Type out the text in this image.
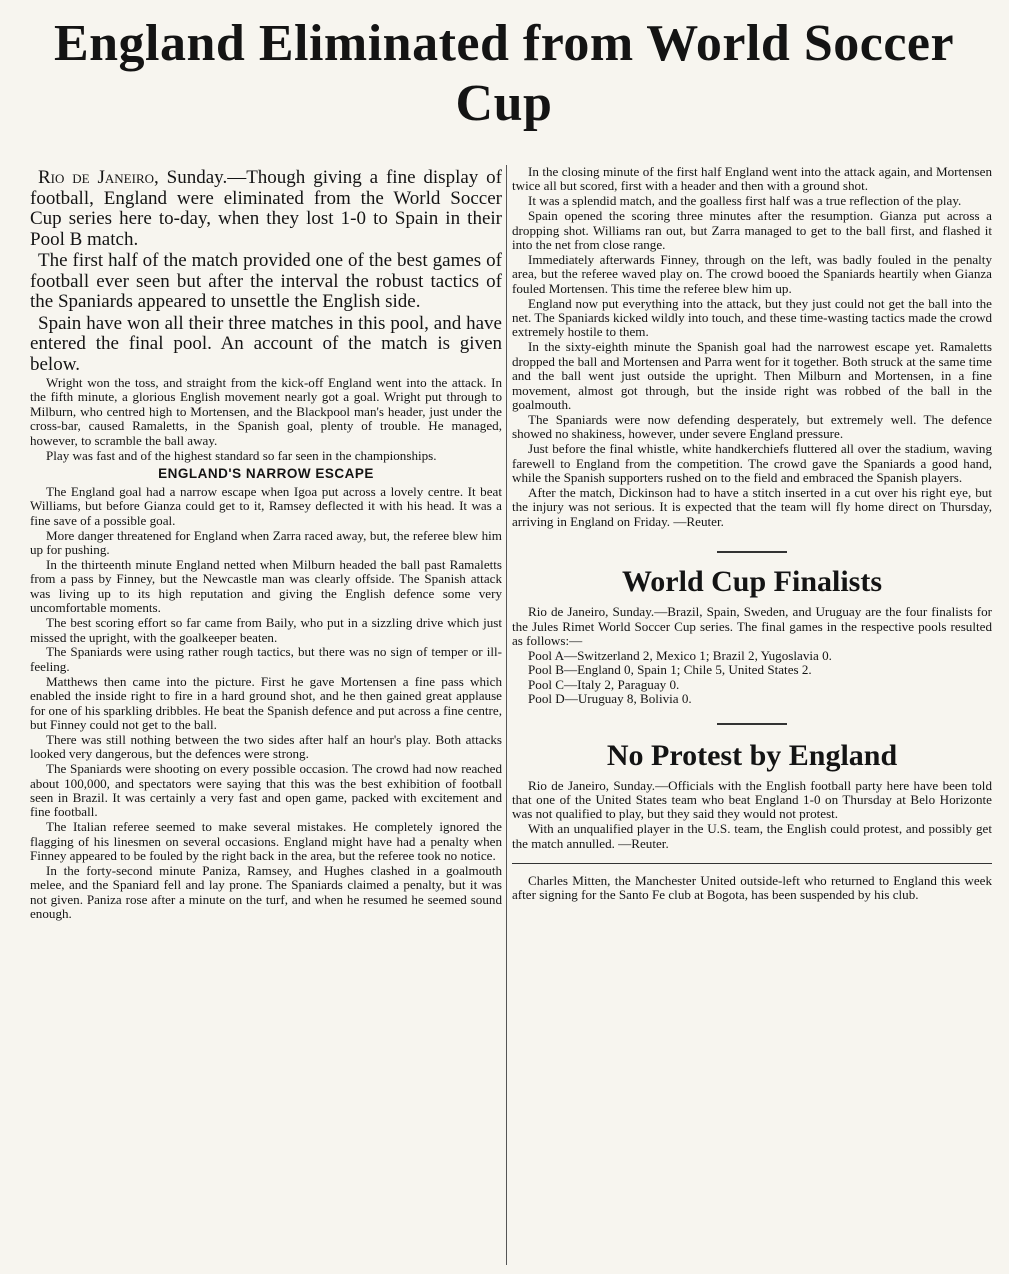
England Eliminated from World Soccer Cup

Rio de Janeiro, Sunday.—Though giving a fine display of football, England were eliminated from the World Soccer Cup series here to-day, when they lost 1-0 to Spain in their Pool B match.

The first half of the match provided one of the best games of football ever seen but after the interval the robust tactics of the Spaniards appeared to unsettle the English side.

Spain have won all their three matches in this pool, and have entered the final pool. An account of the match is given below.

Wright won the toss, and straight from the kick-off England went into the attack. In the fifth minute, a glorious English movement nearly got a goal. Wright put through to Milburn, who centred high to Mortensen, and the Blackpool man's header, just under the cross-bar, caused Ramaletts, in the Spanish goal, plenty of trouble. He managed, however, to scramble the ball away.

Play was fast and of the highest standard so far seen in the championships.

ENGLAND'S NARROW ESCAPE

The England goal had a narrow escape when Igoa put across a lovely centre. It beat Williams, but before Gianza could get to it, Ramsey deflected it with his head. It was a fine save of a possible goal.

More danger threatened for England when Zarra raced away, but, the referee blew him up for pushing.

In the thirteenth minute England netted when Milburn headed the ball past Ramaletts from a pass by Finney, but the Newcastle man was clearly offside. The Spanish attack was living up to its high reputation and giving the English defence some very uncomfortable moments.

The best scoring effort so far came from Baily, who put in a sizzling drive which just missed the upright, with the goalkeeper beaten.

The Spaniards were using rather rough tactics, but there was no sign of temper or ill-feeling.

Matthews then came into the picture. First he gave Mortensen a fine pass which enabled the inside right to fire in a hard ground shot, and he then gained great applause for one of his sparkling dribbles. He beat the Spanish defence and put across a fine centre, but Finney could not get to the ball.

There was still nothing between the two sides after half an hour's play. Both attacks looked very dangerous, but the defences were strong.

The Spaniards were shooting on every possible occasion. The crowd had now reached about 100,000, and spectators were saying that this was the best exhibition of football seen in Brazil. It was certainly a very fast and open game, packed with excitement and fine football.

The Italian referee seemed to make several mistakes. He completely ignored the flagging of his linesmen on several occasions. England might have had a penalty when Finney appeared to be fouled by the right back in the area, but the referee took no notice.

In the forty-second minute Paniza, Ramsey, and Hughes clashed in a goalmouth melee, and the Spaniard fell and lay prone. The Spaniards claimed a penalty, but it was not given. Paniza rose after a minute on the turf, and when he resumed he seemed sound enough.

In the closing minute of the first half England went into the attack again, and Mortensen twice all but scored, first with a header and then with a ground shot.

It was a splendid match, and the goalless first half was a true reflection of the play.

Spain opened the scoring three minutes after the resumption. Gianza put across a dropping shot. Williams ran out, but Zarra managed to get to the ball first, and flashed it into the net from close range.

Immediately afterwards Finney, through on the left, was badly fouled in the penalty area, but the referee waved play on. The crowd booed the Spaniards heartily when Gianza fouled Mortensen. This time the referee blew him up.

England now put everything into the attack, but they just could not get the ball into the net. The Spaniards kicked wildly into touch, and these time-wasting tactics made the crowd extremely hostile to them.

In the sixty-eighth minute the Spanish goal had the narrowest escape yet. Ramaletts dropped the ball and Mortensen and Parra went for it together. Both struck at the same time and the ball went just outside the upright. Then Milburn and Mortensen, in a fine movement, almost got through, but the inside right was robbed of the ball in the goalmouth.

The Spaniards were now defending desperately, but extremely well. The defence showed no shakiness, however, under severe England pressure.

Just before the final whistle, white handkerchiefs fluttered all over the stadium, waving farewell to England from the competition. The crowd gave the Spaniards a good hand, while the Spanish supporters rushed on to the field and embraced the Spanish players.

After the match, Dickinson had to have a stitch inserted in a cut over his right eye, but the injury was not serious. It is expected that the team will fly home direct on Thursday, arriving in England on Friday. —Reuter.

World Cup Finalists

Rio de Janeiro, Sunday.—Brazil, Spain, Sweden, and Uruguay are the four finalists for the Jules Rimet World Soccer Cup series. The final games in the respective pools resulted as follows:—

Pool A—Switzerland 2, Mexico 1; Brazil 2, Yugoslavia 0.

Pool B—England 0, Spain 1; Chile 5, United States 2.

Pool C—Italy 2, Paraguay 0.

Pool D—Uruguay 8, Bolivia 0.

No Protest by England

Rio de Janeiro, Sunday.—Officials with the English football party here have been told that one of the United States team who beat England 1-0 on Thursday at Belo Horizonte was not qualified to play, but they said they would not protest.

With an unqualified player in the U.S. team, the English could protest, and possibly get the match annulled. —Reuter.

Charles Mitten, the Manchester United outside-left who returned to England this week after signing for the Santo Fe club at Bogota, has been suspended by his club.
